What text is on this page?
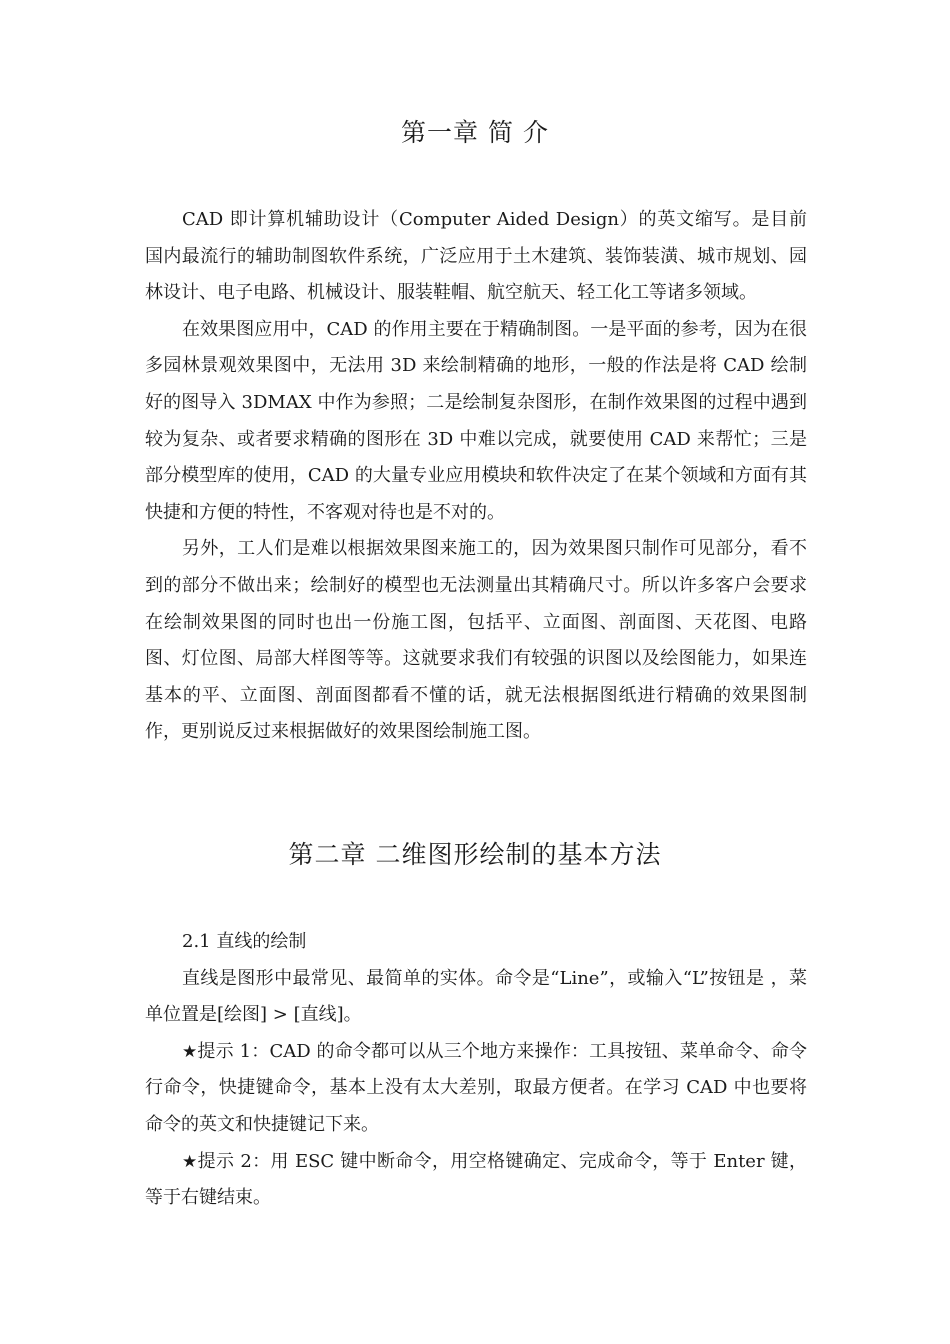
第一章 简 介

CAD 即计算机辅助设计（Computer Aided Design）的英文缩写。是目前国内最流行的辅助制图软件系统，广泛应用于土木建筑、装饰装潢、城市规划、园林设计、电子电路、机械设计、服装鞋帽、航空航天、轻工化工等诸多领域。

在效果图应用中，CAD 的作用主要在于精确制图。一是平面的参考，因为在很多园林景观效果图中，无法用 3D 来绘制精确的地形，一般的作法是将 CAD 绘制好的图导入 3DMAX 中作为参照；二是绘制复杂图形，在制作效果图的过程中遇到较为复杂、或者要求精确的图形在 3D 中难以完成，就要使用 CAD 来帮忙；三是部分模型库的使用，CAD 的大量专业应用模块和软件决定了在某个领域和方面有其快捷和方便的特性，不客观对待也是不对的。

另外，工人们是难以根据效果图来施工的，因为效果图只制作可见部分，看不到的部分不做出来；绘制好的模型也无法测量出其精确尺寸。所以许多客户会要求在绘制效果图的同时也出一份施工图，包括平、立面图、剖面图、天花图、电路图、灯位图、局部大样图等等。这就要求我们有较强的识图以及绘图能力，如果连基本的平、立面图、剖面图都看不懂的话，就无法根据图纸进行精确的效果图制作，更别说反过来根据做好的效果图绘制施工图。

第二章 二维图形绘制的基本方法

2.1 直线的绘制

直线是图形中最常见、最简单的实体。命令是“Line”，或输入“L”按钮是 ，菜单位置是[绘图] > [直线]。

★提示 1：CAD 的命令都可以从三个地方来操作：工具按钮、菜单命令、命令行命令，快捷键命令，基本上没有太大差别，取最方便者。在学习 CAD 中也要将命令的英文和快捷键记下来。

★提示 2：用 ESC 键中断命令，用空格键确定、完成命令，等于 Enter 键，等于右键结束。
